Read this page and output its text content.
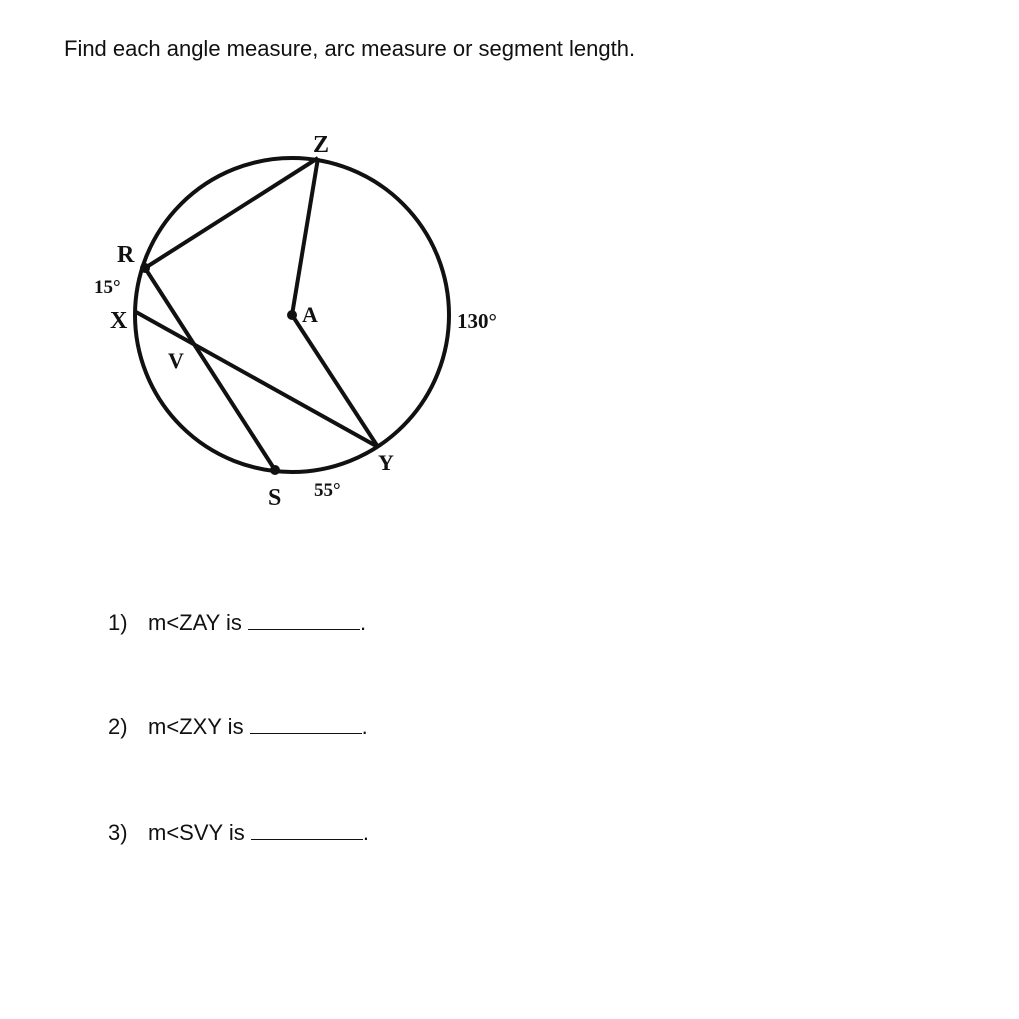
Find each angle measure, arc measure or segment length.
Z
R
X	A
V
Y
S
15°
130°
55°
1) m<ZAY is	.
2) m<ZXY is	.
3) m<SVY is	.
